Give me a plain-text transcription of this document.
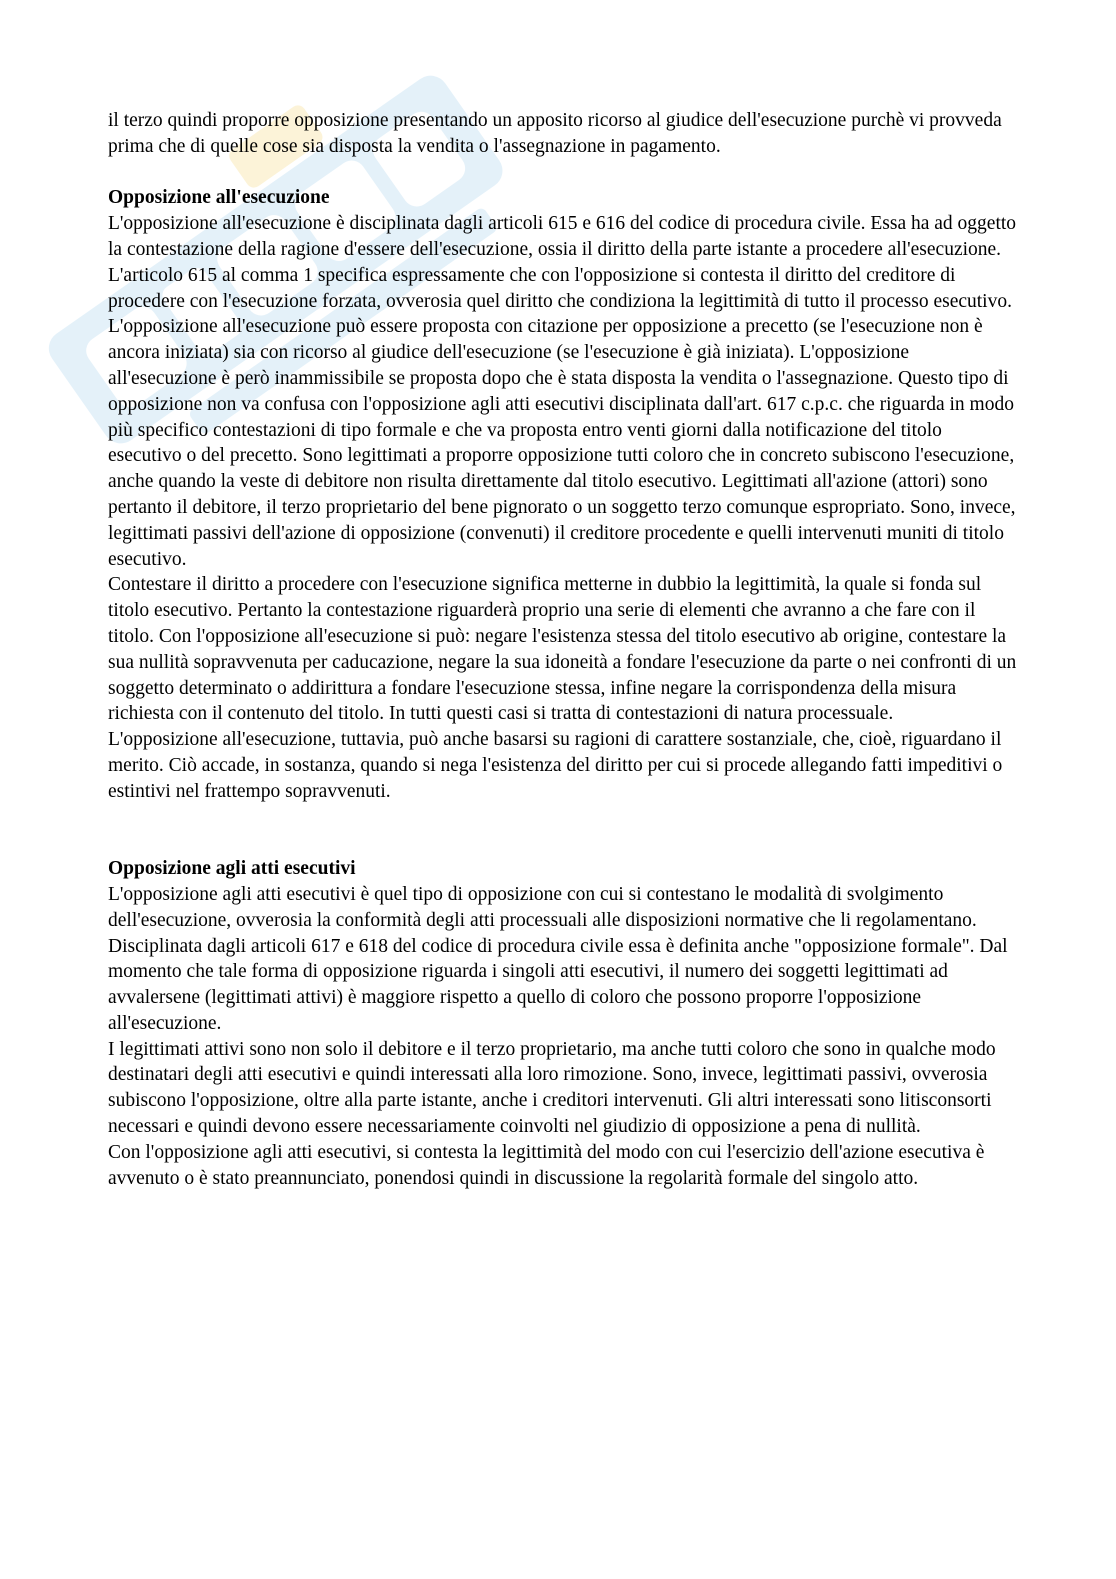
il terzo quindi proporre opposizione presentando un apposito ricorso al giudice dell'esecuzione purchè vi provveda prima che di quelle cose sia disposta la vendita o l'assegnazione in pagamento.

Opposizione all'esecuzione

L'opposizione all'esecuzione è disciplinata dagli articoli 615 e 616 del codice di procedura civile. Essa ha ad oggetto la contestazione della ragione d'essere dell'esecuzione, ossia il diritto della parte istante a procedere all'esecuzione. L'articolo 615 al comma 1 specifica espressamente che con l'opposizione si contesta il diritto del creditore di procedere con l'esecuzione forzata, ovverosia quel diritto che condiziona la legittimità di tutto il processo esecutivo.

L'opposizione all'esecuzione può essere proposta con citazione per opposizione a precetto (se l'esecuzione non è ancora iniziata) sia con ricorso al giudice dell'esecuzione (se l'esecuzione è già iniziata). L'opposizione all'esecuzione è però inammissibile se proposta dopo che è stata disposta la vendita o l'assegnazione. Questo tipo di opposizione non va confusa con l'opposizione agli atti esecutivi disciplinata dall'art. 617 c.p.c. che riguarda in modo più specifico contestazioni di tipo formale e che va proposta entro venti giorni dalla notificazione del titolo esecutivo o del precetto. Sono legittimati a proporre opposizione tutti coloro che in concreto subiscono l'esecuzione, anche quando la veste di debitore non risulta direttamente dal titolo esecutivo. Legittimati all'azione (attori) sono pertanto il debitore, il terzo proprietario del bene pignorato o un soggetto terzo comunque espropriato. Sono, invece, legittimati passivi dell'azione di opposizione (convenuti) il creditore procedente e quelli intervenuti muniti di titolo esecutivo.

Contestare il diritto a procedere con l'esecuzione significa metterne in dubbio la legittimità, la quale si fonda sul titolo esecutivo. Pertanto la contestazione riguarderà proprio una serie di elementi che avranno a che fare con il titolo. Con l'opposizione all'esecuzione si può: negare l'esistenza stessa del titolo esecutivo ab origine, contestare la sua nullità sopravvenuta per caducazione, negare la sua idoneità a fondare l'esecuzione da parte o nei confronti di un soggetto determinato o addirittura a fondare l'esecuzione stessa, infine negare la corrispondenza della misura richiesta con il contenuto del titolo. In tutti questi casi si tratta di contestazioni di natura processuale.

L'opposizione all'esecuzione, tuttavia, può anche basarsi su ragioni di carattere sostanziale, che, cioè, riguardano il merito. Ciò accade, in sostanza, quando si nega l'esistenza del diritto per cui si procede allegando fatti impeditivi o estintivi nel frattempo sopravvenuti.

Opposizione agli atti esecutivi

L'opposizione agli atti esecutivi è quel tipo di opposizione con cui si contestano le modalità di svolgimento dell'esecuzione, ovverosia la conformità degli atti processuali alle disposizioni normative che li regolamentano. Disciplinata dagli articoli 617 e 618 del codice di procedura civile essa è definita anche "opposizione formale". Dal momento che tale forma di opposizione riguarda i singoli atti esecutivi, il numero dei soggetti legittimati ad avvalersene (legittimati attivi) è maggiore rispetto a quello di coloro che possono proporre l'opposizione all'esecuzione.

I legittimati attivi sono non solo il debitore e il terzo proprietario, ma anche tutti coloro che sono in qualche modo destinatari degli atti esecutivi e quindi interessati alla loro rimozione. Sono, invece, legittimati passivi, ovverosia subiscono l'opposizione, oltre alla parte istante, anche i creditori intervenuti. Gli altri interessati sono litisconsorti necessari e quindi devono essere necessariamente coinvolti nel giudizio di opposizione a pena di nullità.

Con l'opposizione agli atti esecutivi, si contesta la legittimità del modo con cui l'esercizio dell'azione esecutiva è avvenuto o è stato preannunciato, ponendosi quindi in discussione la regolarità formale del singolo atto.
